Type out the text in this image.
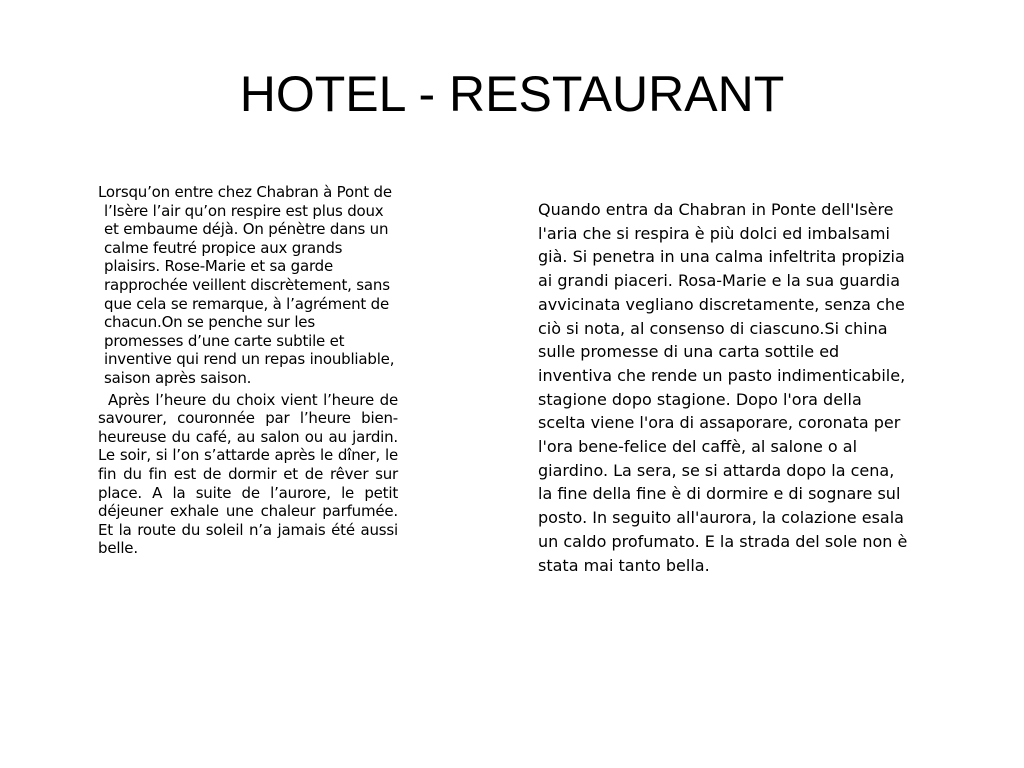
HOTEL - RESTAURANT

Lorsqu’on entre chez Chabran à Pont de l’Isère l’air qu’on respire est plus doux et embaume déjà. On pénètre dans un calme feutré propice aux grands plaisirs. Rose-Marie et sa garde rapprochée veillent discrètement, sans que cela se remarque, à l’agrément de chacun.On se penche sur les promesses d’une carte subtile et inventive qui rend un repas inoubliable, saison après saison.

Après l’heure du choix vient l’heure de savourer, couronnée par l’heure bien-heureuse du café, au salon ou au jardin. Le soir, si l’on s’attarde après le dîner, le fin du fin est de dormir et de rêver sur place. A la suite de l’aurore, le petit déjeuner exhale une chaleur parfumée. Et la route du soleil n’a jamais été aussi belle.

Quando entra da Chabran in Ponte dell'Isère l'aria che si respira è più dolci ed imbalsami già. Si penetra in una calma infeltrita propizia ai grandi piaceri. Rosa-Marie e la sua guardia avvicinata vegliano discretamente, senza che ciò si nota, al consenso di ciascuno.Si china sulle promesse di una carta sottile ed inventiva che rende un pasto indimenticabile, stagione dopo stagione. Dopo l'ora della scelta viene l'ora di assaporare, coronata per l'ora bene-felice del caffè, al salone o al giardino. La sera, se si attarda dopo la cena, la fine della fine è di dormire e di sognare sul posto. In seguito all'aurora, la colazione esala un caldo profumato. E la strada del sole non è stata mai tanto bella.
